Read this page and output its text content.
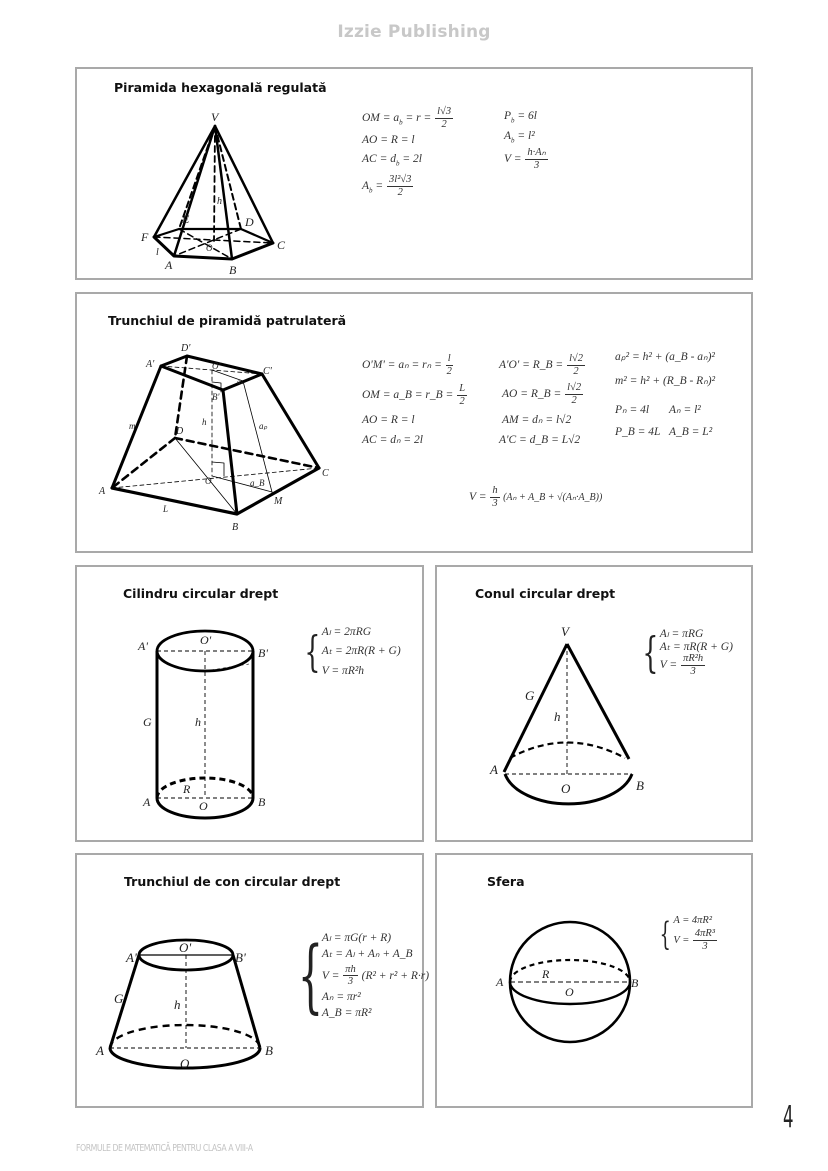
Izzie Publishing
Piramida hexagonală regulată
V
F
A	B
C
D
E
h
O
l
OM = $a_b = r = \frac{l√3}{2}$
AO = R = l
AC = $d_b = 2l$
$A_b = \frac{\text{3l²√3}}{2}$
$P_b = 6l$
$A_b = l^2$
$V = \frac{\text{h·Aₙ}}{3}$
Trunchiul de piramidă patrulateră
D'
C'
A'	O'
B'
D
h
m	aₚ
A
O	a_B
M
C
B
L
aₙ
$O'M' = a_n = r_n = \frac{l}{2}$
OM = a_B = r_B = $\frac{L}{2}$
AO = R = l
AC = dₙ = 2l
A'O' = R_B = $\frac{l√2}{2}$
AO = R_B = $\frac{l√2}{2}$
AM = dₙ = l√2
A'C = d_B = L√2
aₚ² = h² + (a_B - aₙ)²
m² = h² + (R_B - Rₙ)²
Pₙ = 4l Aₙ = l²
P_B = 4L A_B = L²
$V = \frac{h}{3} (A_n$ + A_B + √(Aₙ·A_B))
Cilindru circular drept
A'	O'
B'
G	h
R
A	O	B
{ Aₗ = 2πRG
Aₜ = 2πR(R + G)
V = πR²h
Conul circular drept
V
G
h
A
O	B
{ Aₗ = πRG
Aₜ = πR(R + G)
$V = \frac{\text{πR²h}}{3}$
Trunchiul de con circular drept
A'
O'
B'
G	h
A
O
B
{
Aₗ = πG(r + R)
Aₜ = Aₗ + Aₙ + A_B
$V = \frac{\pi h}{3} (R^2 + r^2 + R\cdot r)$
Aₙ = πr²
A_B = πR²
Sfera
A
R
O
B
{ A = 4πR²
$V = \frac{\text{4πR³}}{3}$
4
FORMULE DE MATEMATICĂ PENTRU CLASA A VIII-A
